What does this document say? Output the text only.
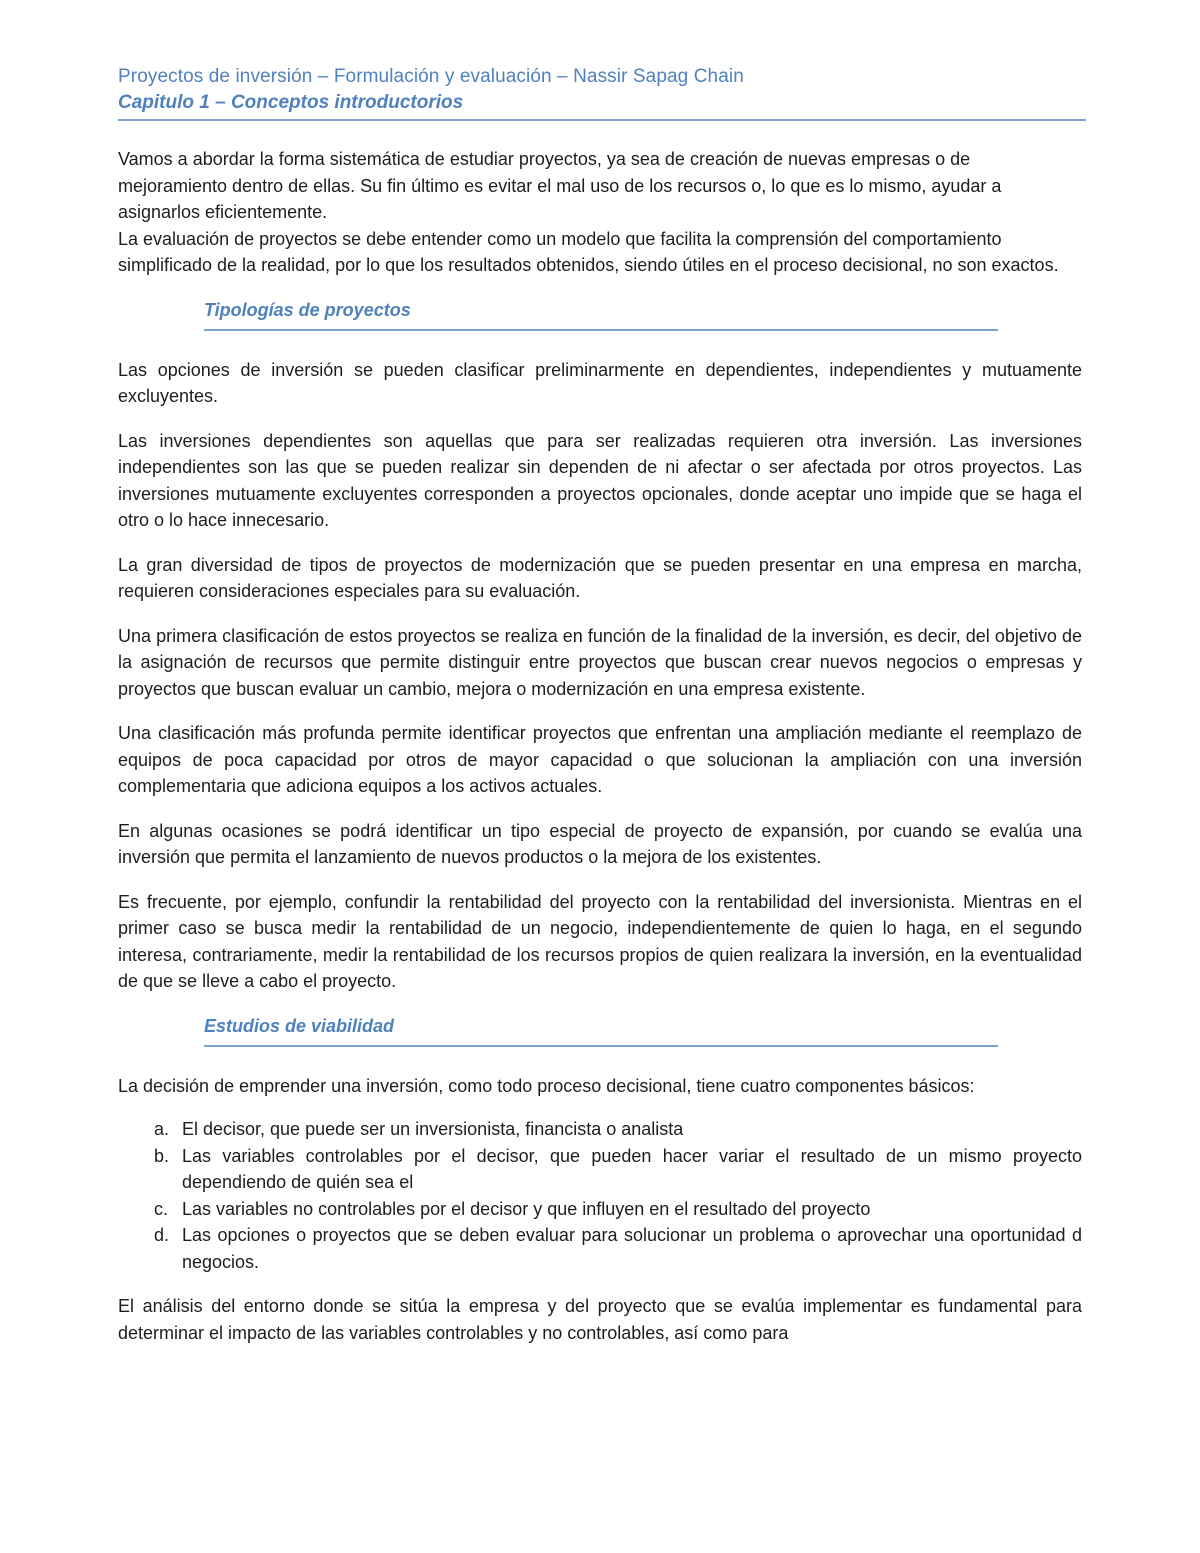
Proyectos de inversión – Formulación y evaluación – Nassir Sapag Chain
Capitulo 1 – Conceptos introductorios

Vamos a abordar la forma sistemática de estudiar proyectos, ya sea de creación de nuevas empresas o de mejoramiento dentro de ellas. Su fin último es evitar el mal uso de los recursos o, lo que es lo mismo, ayudar a asignarlos eficientemente.

La evaluación de proyectos se debe entender como un modelo que facilita la comprensión del comportamiento simplificado de la realidad, por lo que los resultados obtenidos, siendo útiles en el proceso decisional, no son exactos.

Tipologías de proyectos

Las opciones de inversión se pueden clasificar preliminarmente en dependientes, independientes y mutuamente excluyentes.

Las inversiones dependientes son aquellas que para ser realizadas requieren otra inversión. Las inversiones independientes son las que se pueden realizar sin dependen de ni afectar o ser afectada por otros proyectos. Las inversiones mutuamente excluyentes corresponden a proyectos opcionales, donde aceptar uno impide que se haga el otro o lo hace innecesario.

La gran diversidad de tipos de proyectos de modernización que se pueden presentar en una empresa en marcha, requieren consideraciones especiales para su evaluación.

Una primera clasificación de estos proyectos se realiza en función de la finalidad de la inversión, es decir, del objetivo de la asignación de recursos que permite distinguir entre proyectos que buscan crear nuevos negocios o empresas y proyectos que buscan evaluar un cambio, mejora o modernización en una empresa existente.

Una clasificación más profunda permite identificar proyectos que enfrentan una ampliación mediante el reemplazo de equipos de poca capacidad por otros de mayor capacidad o que solucionan la ampliación con una inversión complementaria que adiciona equipos a los activos actuales.

En algunas ocasiones se podrá identificar un tipo especial de proyecto de expansión, por cuando se evalúa una inversión que permita el lanzamiento de nuevos productos o la mejora de los existentes.

Es frecuente, por ejemplo, confundir la rentabilidad del proyecto con la rentabilidad del inversionista. Mientras en el primer caso se busca medir la rentabilidad de un negocio, independientemente de quien lo haga, en el segundo interesa, contrariamente, medir la rentabilidad de los recursos propios de quien realizara la inversión, en la eventualidad de que se lleve a cabo el proyecto.

Estudios de viabilidad

La decisión de emprender una inversión, como todo proceso decisional, tiene cuatro componentes básicos:

a. El decisor, que puede ser un inversionista, financista o analista
b. Las variables controlables por el decisor, que pueden hacer variar el resultado de un mismo proyecto dependiendo de quién sea el
c. Las variables no controlables por el decisor y que influyen en el resultado del proyecto
d. Las opciones o proyectos que se deben evaluar para solucionar un problema o aprovechar una oportunidad d negocios.

El análisis del entorno donde se sitúa la empresa y del proyecto que se evalúa implementar es fundamental para determinar el impacto de las variables controlables y no controlables, así como para
